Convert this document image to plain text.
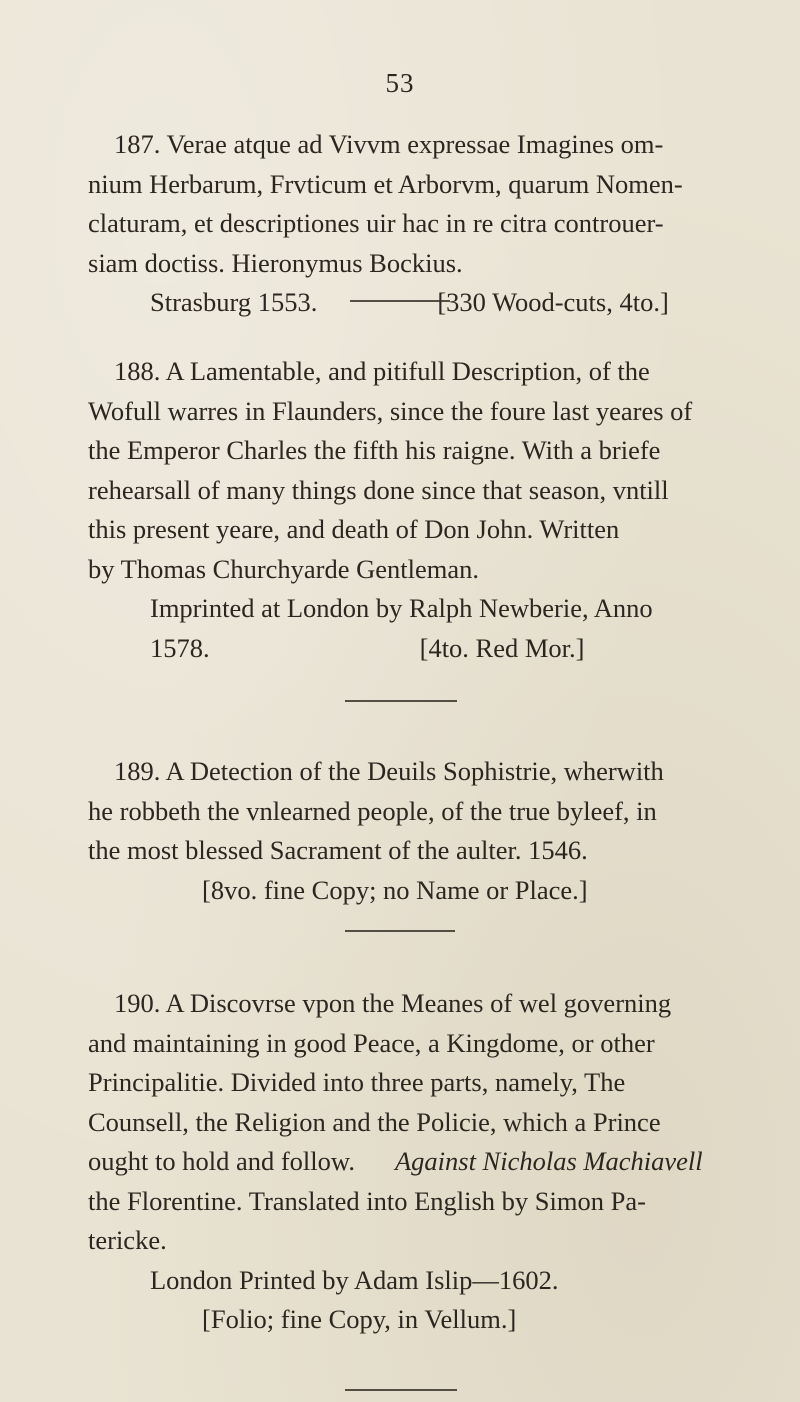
53
187. Verae atque ad Vivvm expressae Imagines om-
nium Herbarum, Frvticum et Arborvm, quarum Nomen-
claturam, et descriptiones uir hac in re citra controuer-
siam doctiss. Hieronymus Bockius.
Strasburg 1553.	[330 Wood-cuts, 4to.]
188. A Lamentable, and pitifull Description, of the
Wofull warres in Flaunders, since the foure last yeares of
the Emperor Charles the fifth his raigne. With a briefe
rehearsall of many things done since that season, vntill
this present yeare, and death of Don John. Written
by Thomas Churchyarde Gentleman.
Imprinted at London by Ralph Newberie, Anno
1578.	[4to. Red Mor.]
189. A Detection of the Deuils Sophistrie, wherwith
he robbeth the vnlearned people, of the true byleef, in
the most blessed Sacrament of the aulter. 1546.
[8vo. fine Copy; no Name or Place.]
190. A Discovrse vpon the Meanes of wel governing
and maintaining in good Peace, a Kingdome, or other
Principalitie. Divided into three parts, namely, The
Counsell, the Religion and the Policie, which a Prince
ought to hold and follow. Against Nicholas Machiavell
the Florentine. Translated into English by Simon Pa-
tericke.
London Printed by Adam Islip—1602.
[Folio; fine Copy, in Vellum.]
